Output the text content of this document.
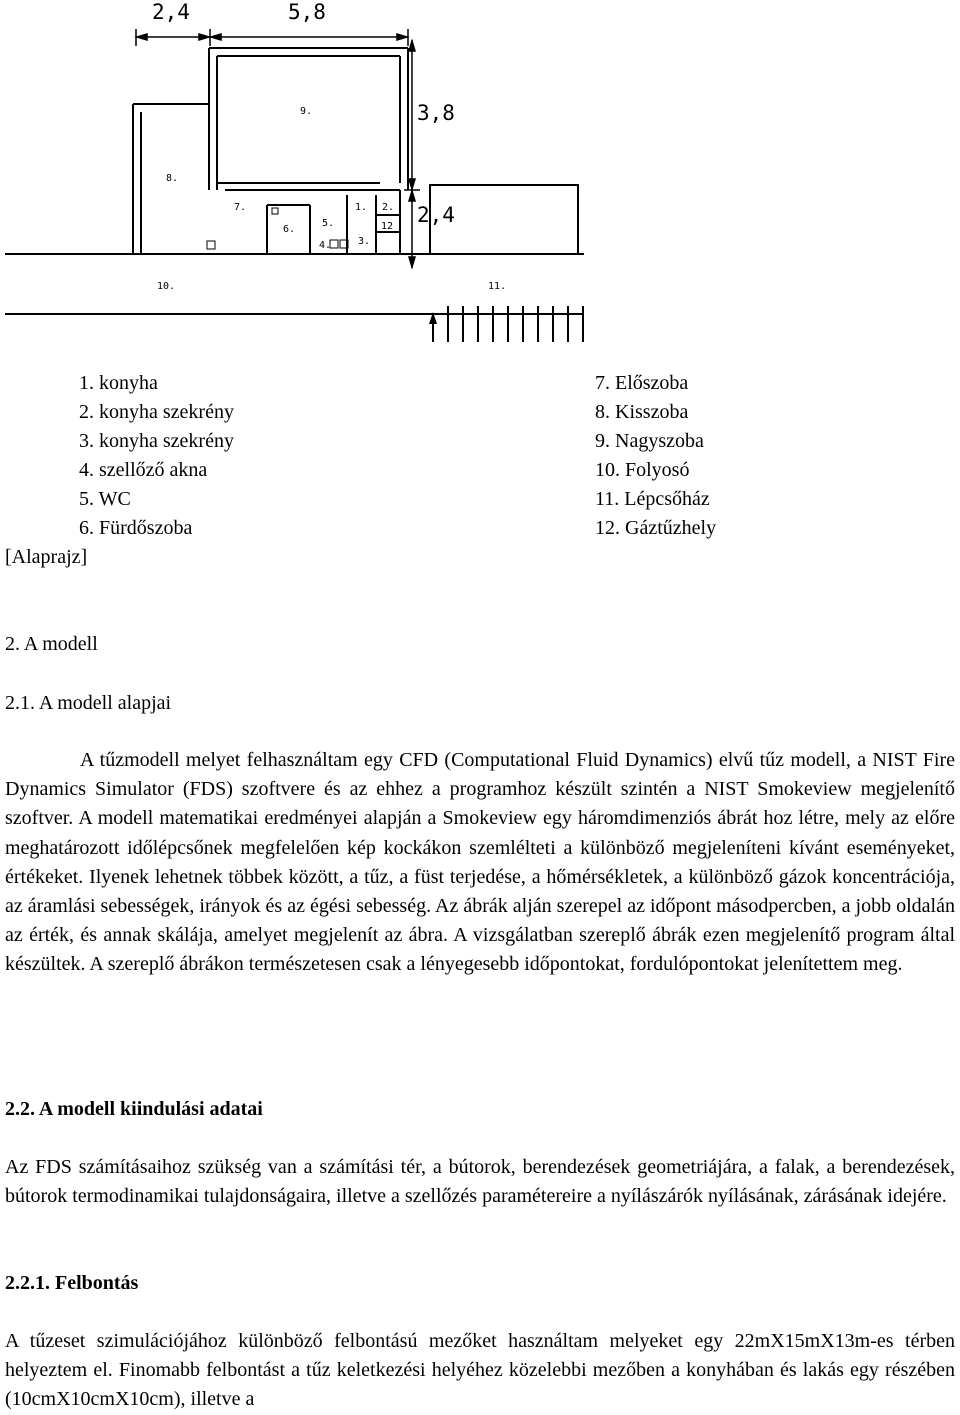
2,4	5,8
3,8
2,4
1. 2.
12
3.
4.
5.
6.
7.
8.
9.
10.	11.

1. konyha

2. konyha szekrény

3. konyha szekrény

4. szellőző akna

5. WC

6. Fürdőszoba

7. Előszoba

8. Kisszoba

9. Nagyszoba

10. Folyosó

11. Lépcsőház

12. Gáztűzhely

[Alaprajz]

2. A modell

2.1. A modell alapjai

A tűzmodell melyet felhasználtam egy CFD (Computational Fluid Dynamics) elvű tűz modell, a NIST Fire Dynamics Simulator (FDS) szoftvere és az ehhez a programhoz készült szintén a NIST Smokeview megjelenítő szoftver. A modell matematikai eredményei alapján a Smokeview egy háromdimenziós ábrát hoz létre, mely az előre meghatározott időlépcsőnek megfelelően kép kockákon szemlélteti a különböző megjeleníteni kívánt eseményeket, értékeket. Ilyenek lehetnek többek között, a tűz, a füst terjedése, a hőmérsékletek, a különböző gázok koncentrációja, az áramlási sebességek, irányok és az égési sebesség. Az ábrák alján szerepel az időpont másodpercben, a jobb oldalán az érték, és annak skálája, amelyet megjelenít az ábra. A vizsgálatban szereplő ábrák ezen megjelenítő program által készültek. A szereplő ábrákon természetesen csak a lényegesebb időpontokat, fordulópontokat jelenítettem meg.

2.2. A modell kiindulási adatai

Az FDS számításaihoz szükség van a számítási tér, a bútorok, berendezések geometriájára, a falak, a berendezések, bútorok termodinamikai tulajdonságaira, illetve a szellőzés paramétereire a nyílászárók nyílásának, zárásának idejére.

2.2.1. Felbontás

A tűzeset szimulációjához különböző felbontású mezőket használtam melyeket egy 22mX15mX13m-es térben helyeztem el. Finomabb felbontást a tűz keletkezési helyéhez közelebbi mezőben a konyhában és lakás egy részében (10cmX10cmX10cm), illetve a
